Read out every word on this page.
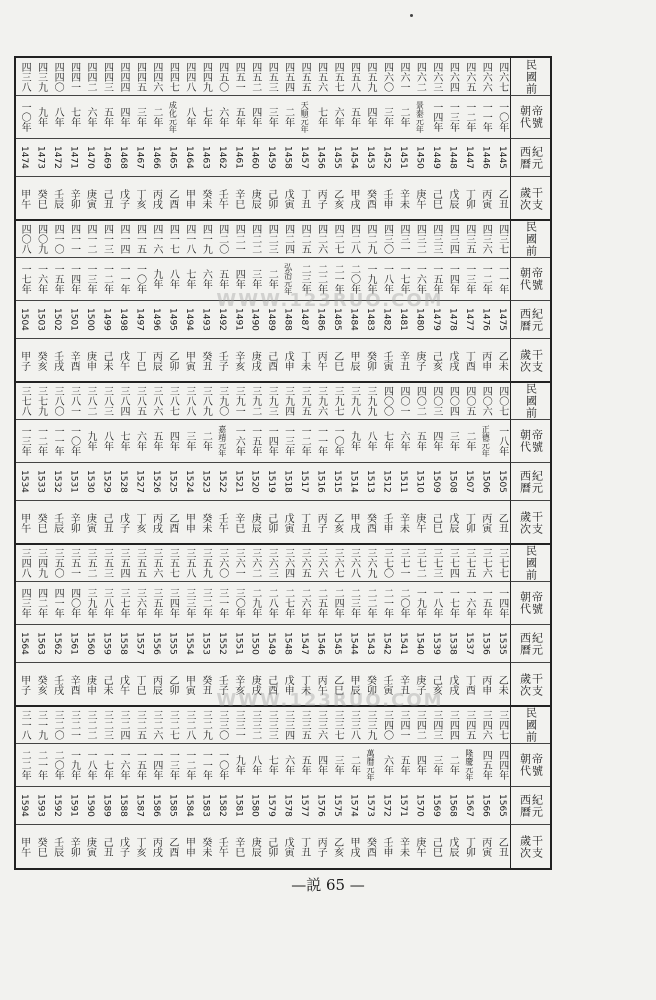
民國前
四六七
四六六
四六五
四六四
四六三
四六二
四六一
四六〇
四五九
四五八
四五七
四五六
四五五
四五四
四五三
四五二
四五一
四五〇
四四九
四四八
四四七
四四六
四四五
四四四
四四三
四四二
四四一
四四〇
四三九
四三八
朝代 帝號
一〇年
一一年
一二年
一三年
一四年
景泰元年
二年
三年
四年
五年
六年
七年
天順元年
二年
三年
四年
五年
六年
七年
八年
成化元年
二年
三年
四年
五年
六年
七年
八年
九年
一〇年
西曆 紀元
1445
1446
1447
1448
1449
1450
1451
1452
1453
1454
1455
1456
1457
1458
1459
1460
1461
1462
1463
1464
1465
1466
1467
1468
1469
1470
1471
1472
1473
1474
歲次 干支
乙丑
丙寅
丁卯
戊辰
己巳
庚午
辛未
壬申
癸酉
甲戌
乙亥
丙子
丁丑
戊寅
己卯
庚辰
辛巳
壬午
癸未
甲申
乙酉
丙戌
丁亥
戊子
己丑
庚寅
辛卯
壬辰
癸巳
甲午
民國前
四三七
四三六
四三五
四三四
四三三
四三二
四三一
四三〇
四二九
四二八
四二七
四二六
四二五
四二四
四二三
四二二
四二一
四二〇
四一九
四一八
四一七
四一六
四一五
四一四
四一三
四一二
四一一
四一〇
四〇九
四〇八
朝代 帝號
一一年
一二年
一三年
一四年
一五年
一六年
一七年
一八年
一九年
二〇年
二一年
二二年
二三年
弘治元年
二年
三年
四年
五年
六年
七年
八年
九年
一〇年
一一年
一二年
一三年
一四年
一五年
一六年
一七年
西曆 紀元
1475
1476
1477
1478
1479
1480
1481
1482
1483
1484
1485
1486
1487
1488
1489
1490
1491
1492
1493
1494
1495
1496
1497
1498
1499
1500
1501
1502
1503
1504
歲次 干支
乙未
丙申
丁酉
戊戌
己亥
庚子
辛丑
壬寅
癸卯
甲辰
乙巳
丙午
丁未
戊申
己酉
庚戌
辛亥
壬子
癸丑
甲寅
乙卯
丙辰
丁巳
戊午
己未
庚申
辛酉
壬戌
癸亥
甲子
民國前
四〇七
四〇六
四〇五
四〇四
四〇三
四〇二
四〇一
四〇〇
三九九
三九八
三九七
三九六
三九五
三九四
三九三
三九二
三九一
三九〇
三八九
三八八
三八七
三八六
三八五
三八四
三八三
三八二
三八一
三八〇
三七九
三七八
朝代 帝號
一八年
正德元年
二年
三年
四年
五年
六年
七年
八年
九年
一〇年
一一年
一二年
一三年
一四年
一五年
一六年
嘉靖元年
二年
三年
四年
五年
六年
七年
八年
九年
一〇年
一一年
一二年
一三年
西曆 紀元
1505
1506
1507
1508
1509
1510
1511
1512
1513
1514
1515
1516
1517
1518
1519
1520
1521
1522
1523
1524
1525
1526
1527
1528
1529
1530
1531
1532
1533
1534
歲次 干支
乙丑
丙寅
丁卯
戊辰
己巳
庚午
辛未
壬申
癸酉
甲戌
乙亥
丙子
丁丑
戊寅
己卯
庚辰
辛巳
壬午
癸未
甲申
乙酉
丙戌
丁亥
戊子
己丑
庚寅
辛卯
壬辰
癸巳
甲午
民國前
三七七
三七六
三七五
三七四
三七三
三七二
三七一
三七〇
三六九
三六八
三六七
三六六
三六五
三六四
三六三
三六二
三六一
三六〇
三五九
三五八
三五七
三五六
三五五
三五四
三五三
三五二
三五一
三五〇
三四九
三四八
朝代 帝號
一四年
一五年
一六年
一七年
一八年
一九年
二〇年
二一年
二二年
二三年
二四年
二五年
二六年
二七年
二八年
二九年
三〇年
三一年
三二年
三三年
三四年
三五年
三六年
三七年
三八年
三九年
四〇年
四一年
四二年
四三年
西曆 紀元
1535
1536
1537
1538
1539
1540
1541
1542
1543
1544
1545
1546
1547
1548
1549
1550
1551
1552
1553
1554
1555
1556
1557
1558
1559
1560
1561
1562
1563
1564
歲次 干支
乙未
丙申
丁酉
戊戌
己亥
庚子
辛丑
壬寅
癸卯
甲辰
乙巳
丙午
丁未
戊申
己酉
庚戌
辛亥
壬子
癸丑
甲寅
乙卯
丙辰
丁巳
戊午
己未
庚申
辛酉
壬戌
癸亥
甲子
民國前
三四七
三四六
三四五
三四四
三四三
三四二
三四一
三四〇
三三九
三三八
三三七
三三六
三三五
三三四
三三三
三三二
三三一
三三〇
三二九
三二八
三二七
三二六
三二五
三二四
三二三
三二二
三二一
三二〇
三一九
三一八
朝代 帝號
四四年
四五年
隆慶元年
二年
三年
四年
五年
六年
萬曆元年
二年
三年
四年
五年
六年
七年
八年
九年
一〇年
一一年
一二年
一三年
一四年
一五年
一六年
一七年
一八年
一九年
二〇年
二一年
二二年
西曆 紀元
1565
1566
1567
1568
1569
1570
1571
1572
1573
1574
1575
1576
1577
1578
1579
1580
1581
1582
1583
1584
1585
1586
1587
1588
1589
1590
1591
1592
1593
1594
歲次 干支
乙丑
丙寅
丁卯
戊辰
己巳
庚午
辛未
壬申
癸酉
甲戌
乙亥
丙子
丁丑
戊寅
己卯
庚辰
辛巳
壬午
癸未
甲申
乙酉
丙戌
丁亥
戊子
己丑
庚寅
辛卯
壬辰
癸巳
甲午
WWW.123RUO.COM
WWW.123RUO.COM
—説 65 —
